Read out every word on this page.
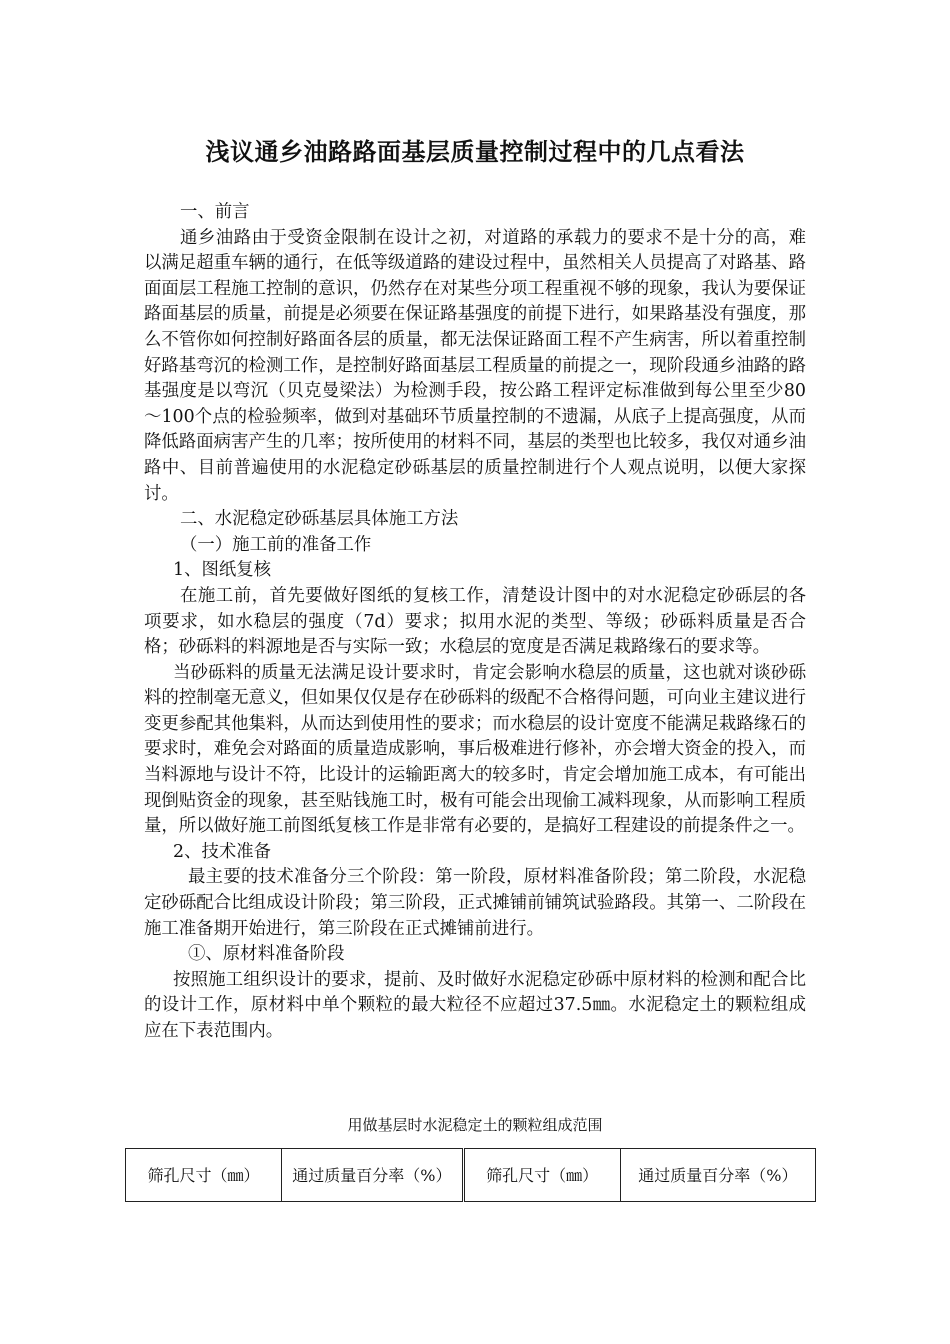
浅议通乡油路路面基层质量控制过程中的几点看法

一、前言

通乡油路由于受资金限制在设计之初，对道路的承载力的要求不是十分的高，难以满足超重车辆的通行，在低等级道路的建设过程中，虽然相关人员提高了对路基、路面面层工程施工控制的意识，仍然存在对某些分项工程重视不够的现象，我认为要保证路面基层的质量，前提是必须要在保证路基强度的前提下进行，如果路基没有强度，那么不管你如何控制好路面各层的质量，都无法保证路面工程不产生病害，所以着重控制好路基弯沉的检测工作，是控制好路面基层工程质量的前提之一，现阶段通乡油路的路基强度是以弯沉（贝克曼梁法）为检测手段，按公路工程评定标准做到每公里至少80～100个点的检验频率，做到对基础环节质量控制的不遗漏，从底子上提高强度，从而降低路面病害产生的几率；按所使用的材料不同，基层的类型也比较多，我仅对通乡油路中、目前普遍使用的水泥稳定砂砾基层的质量控制进行个人观点说明，以便大家探讨。

二、水泥稳定砂砾基层具体施工方法

（一）施工前的准备工作

1、图纸复核

在施工前，首先要做好图纸的复核工作，清楚设计图中的对水泥稳定砂砾层的各项要求，如水稳层的强度（7d）要求；拟用水泥的类型、等级；砂砾料质量是否合格；砂砾料的料源地是否与实际一致；水稳层的宽度是否满足栽路缘石的要求等。

当砂砾料的质量无法满足设计要求时，肯定会影响水稳层的质量，这也就对谈砂砾料的控制毫无意义，但如果仅仅是存在砂砾料的级配不合格得问题，可向业主建议进行变更参配其他集料，从而达到使用性的要求；而水稳层的设计宽度不能满足栽路缘石的要求时，难免会对路面的质量造成影响，事后极难进行修补，亦会增大资金的投入，而当料源地与设计不符，比设计的运输距离大的较多时，肯定会增加施工成本，有可能出现倒贴资金的现象，甚至贴钱施工时，极有可能会出现偷工减料现象，从而影响工程质量，所以做好施工前图纸复核工作是非常有必要的，是搞好工程建设的前提条件之一。

2、技术准备

最主要的技术准备分三个阶段：第一阶段，原材料准备阶段；第二阶段，水泥稳定砂砾配合比组成设计阶段；第三阶段，正式摊铺前铺筑试验路段。其第一、二阶段在施工准备期开始进行，第三阶段在正式摊铺前进行。

①、原材料准备阶段

按照施工组织设计的要求，提前、及时做好水泥稳定砂砾中原材料的检测和配合比的设计工作，原材料中单个颗粒的最大粒径不应超过37.5㎜。水泥稳定土的颗粒组成应在下表范围内。

用做基层时水泥稳定土的颗粒组成范围
筛孔尺寸（㎜）	通过质量百分率（%）	筛孔尺寸（㎜）	通过质量百分率（%）
